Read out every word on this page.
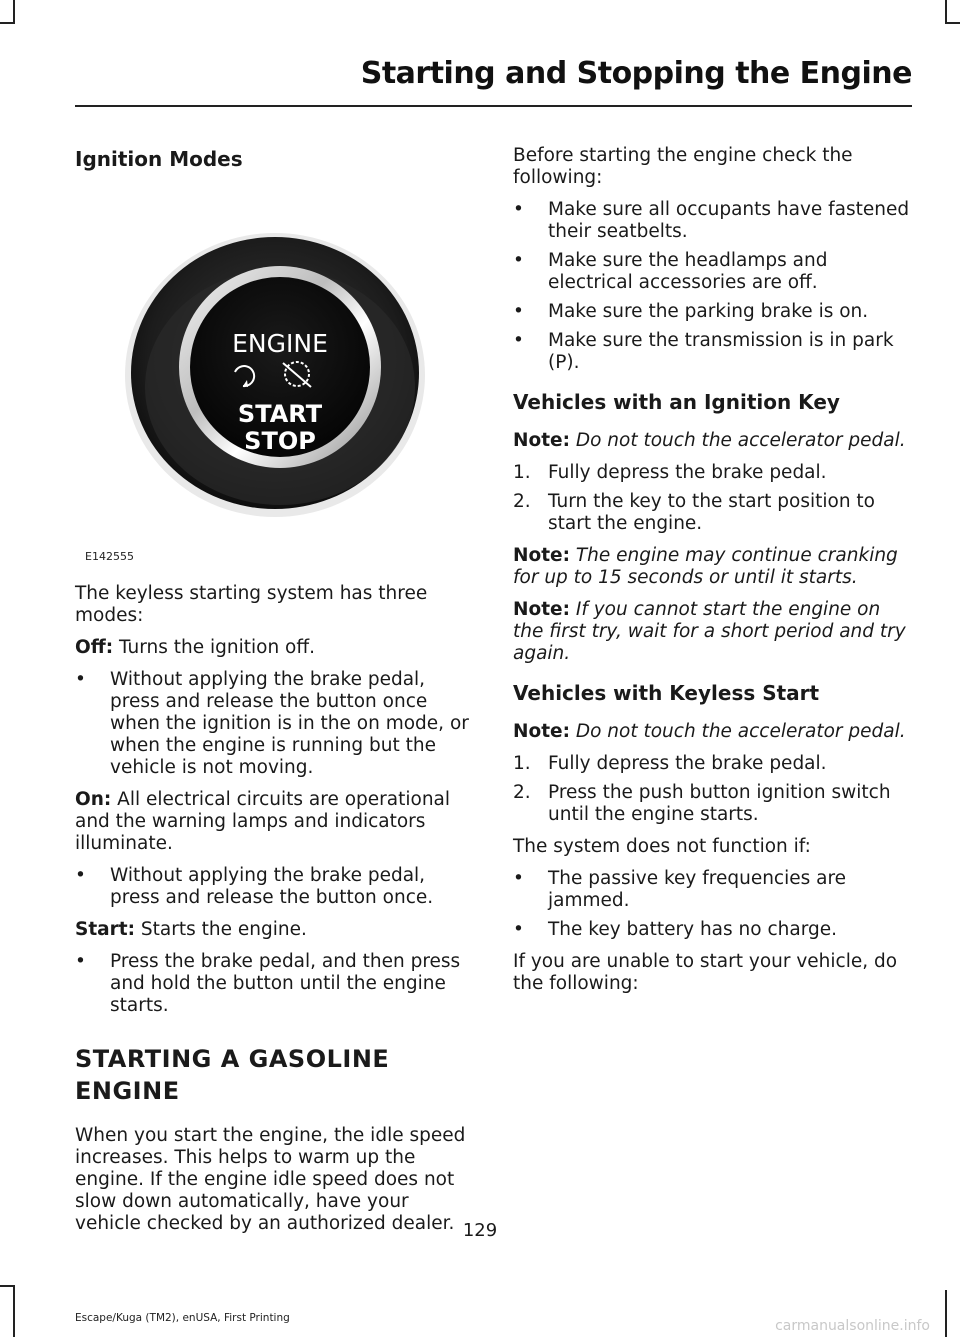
Starting and Stopping the Engine
Ignition Modes
ENGINE
START
STOP
E142555

The keyless starting system has three modes:

Off: Turns the ignition off.

• Without applying the brake pedal, press and release the button once when the ignition is in the on mode, or when the engine is running but the vehicle is not moving.

On: All electrical circuits are operational and the warning lamps and indicators illuminate.

• Without applying the brake pedal, press and release the button once.

Start: Starts the engine.

• Press the brake pedal, and then press and hold the button until the engine starts.
STARTING A GASOLINE
ENGINE

When you start the engine, the idle speed increases. This helps to warm up the engine. If the engine idle speed does not slow down automatically, have your vehicle checked by an authorized dealer.

Before starting the engine check the following:

• Make sure all occupants have fastened their seatbelts.
• Make sure the headlamps and electrical accessories are off.
• Make sure the parking brake is on.
• Make sure the transmission is in park (P).
Vehicles with an Ignition Key

Note: Do not touch the accelerator pedal.

1. Fully depress the brake pedal.
2. Turn the key to the start position to start the engine.

Note: The engine may continue cranking for up to 15 seconds or until it starts.

Note: If you cannot start the engine on the first try, wait for a short period and try again.

Vehicles with Keyless Start

Note: Do not touch the accelerator pedal.

1. Fully depress the brake pedal.
2. Press the push button ignition switch until the engine starts.

The system does not function if:

• The passive key frequencies are jammed.
• The key battery has no charge.

If you are unable to start your vehicle, do the following:

129
Escape/Kuga (TM2), enUSA, First Printing	carmanualsonline.info
